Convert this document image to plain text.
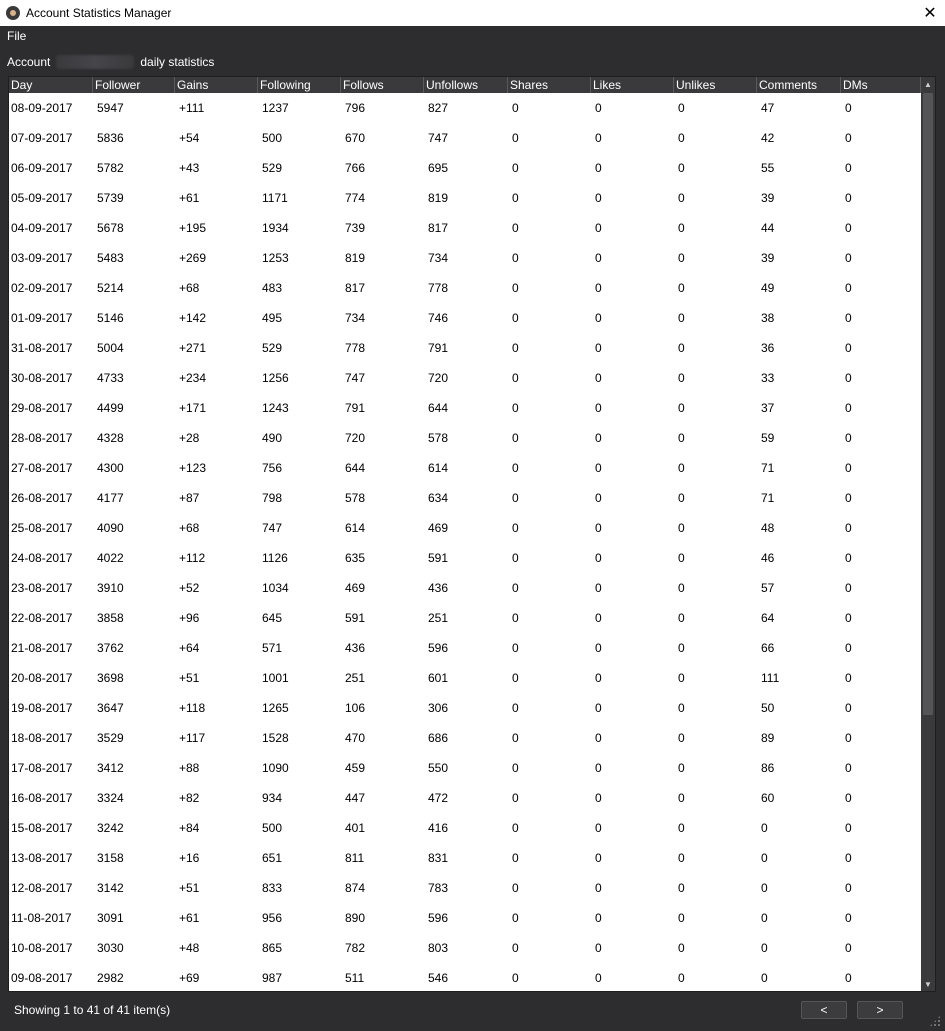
Account Statistics Manager	✕
File
Account	daily statistics
Day	Follower	Gains	Following	Follows	Unfollows	Shares	Likes	Unlikes	Comments	DMs
08-09-2017	5947	+111	1237	796	827	0	0	0	47	0
07-09-2017	5836	+54	500	670	747	0	0	0	42	0
06-09-2017	5782	+43	529	766	695	0	0	0	55	0
05-09-2017	5739	+61	1171	774	819	0	0	0	39	0
04-09-2017	5678	+195	1934	739	817	0	0	0	44	0
03-09-2017	5483	+269	1253	819	734	0	0	0	39	0
02-09-2017	5214	+68	483	817	778	0	0	0	49	0
01-09-2017	5146	+142	495	734	746	0	0	0	38	0
31-08-2017	5004	+271	529	778	791	0	0	0	36	0
30-08-2017	4733	+234	1256	747	720	0	0	0	33	0
29-08-2017	4499	+171	1243	791	644	0	0	0	37	0
28-08-2017	4328	+28	490	720	578	0	0	0	59	0
27-08-2017	4300	+123	756	644	614	0	0	0	71	0
26-08-2017	4177	+87	798	578	634	0	0	0	71	0
25-08-2017	4090	+68	747	614	469	0	0	0	48	0
24-08-2017	4022	+112	1126	635	591	0	0	0	46	0
23-08-2017	3910	+52	1034	469	436	0	0	0	57	0
22-08-2017	3858	+96	645	591	251	0	0	0	64	0
21-08-2017	3762	+64	571	436	596	0	0	0	66	0
20-08-2017	3698	+51	1001	251	601	0	0	0	111	0
19-08-2017	3647	+118	1265	106	306	0	0	0	50	0
18-08-2017	3529	+117	1528	470	686	0	0	0	89	0
17-08-2017	3412	+88	1090	459	550	0	0	0	86	0
16-08-2017	3324	+82	934	447	472	0	0	0	60	0
15-08-2017	3242	+84	500	401	416	0	0	0	0	0
13-08-2017	3158	+16	651	811	831	0	0	0	0	0
12-08-2017	3142	+51	833	874	783	0	0	0	0	0
11-08-2017	3091	+61	956	890	596	0	0	0	0	0
10-08-2017	3030	+48	865	782	803	0	0	0	0	0
09-08-2017	2982	+69	987	511	546	0	0	0	0	0
▲
▼
Showing 1 to 41 of 41 item(s)	<	>
